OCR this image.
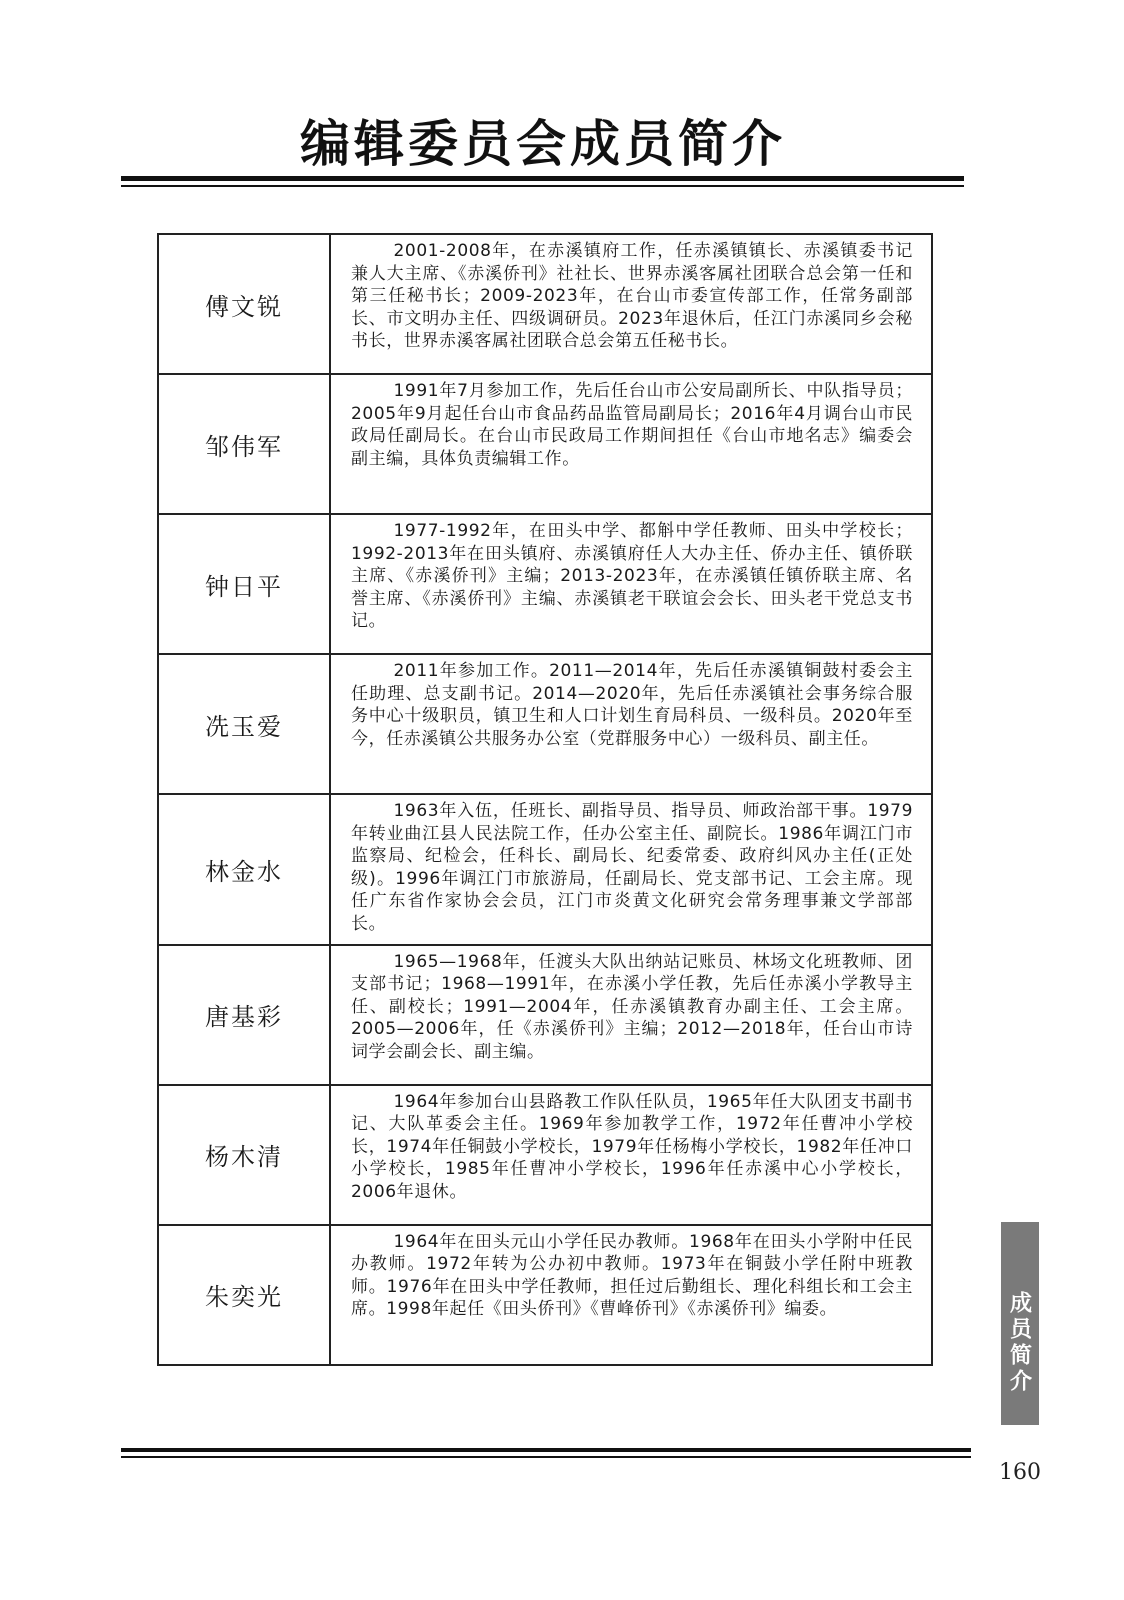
编辑委员会成员简介
傅文锐	2001-2008年，在赤溪镇府工作，任赤溪镇镇长、赤溪镇委书记兼人大主席、《赤溪侨刊》社社长、世界赤溪客属社团联合总会第一任和第三任秘书长；2009-2023年，在台山市委宣传部工作，任常务副部长、市文明办主任、四级调研员。2023年退休后，任江门赤溪同乡会秘书长，世界赤溪客属社团联合总会第五任秘书长。
邹伟军	1991年7月参加工作，先后任台山市公安局副所长、中队指导员；2005年9月起任台山市食品药品监管局副局长；2016年4月调台山市民政局任副局长。在台山市民政局工作期间担任《台山市地名志》编委会副主编，具体负责编辑工作。
钟日平	1977-1992年，在田头中学、都斛中学任教师、田头中学校长；1992-2013年在田头镇府、赤溪镇府任人大办主任、侨办主任、镇侨联主席、《赤溪侨刊》主编；2013-2023年，在赤溪镇任镇侨联主席、名誉主席、《赤溪侨刊》主编、赤溪镇老干联谊会会长、田头老干党总支书记。
冼玉爱	2011年参加工作。2011—2014年，先后任赤溪镇铜鼓村委会主任助理、总支副书记。2014—2020年，先后任赤溪镇社会事务综合服务中心十级职员，镇卫生和人口计划生育局科员、一级科员。2020年至今，任赤溪镇公共服务办公室（党群服务中心）一级科员、副主任。
林金水	1963年入伍，任班长、副指导员、指导员、师政治部干事。1979年转业曲江县人民法院工作，任办公室主任、副院长。1986年调江门市监察局、纪检会，任科长、副局长、纪委常委、政府纠风办主任(正处级)。1996年调江门市旅游局，任副局长、党支部书记、工会主席。现任广东省作家协会会员，江门市炎黄文化研究会常务理事兼文学部部长。
唐基彩	1965—1968年，任渡头大队出纳站记账员、林场文化班教师、团支部书记；1968—1991年，在赤溪小学任教，先后任赤溪小学教导主任、副校长；1991—2004年，任赤溪镇教育办副主任、工会主席。2005—2006年，任《赤溪侨刊》主编；2012—2018年，任台山市诗词学会副会长、副主编。
杨木清	1964年参加台山县路教工作队任队员，1965年任大队团支书副书记、大队革委会主任。1969年参加教学工作，1972年任曹冲小学校长，1974年任铜鼓小学校长，1979年任杨梅小学校长，1982年任冲口小学校长，1985年任曹冲小学校长，1996年任赤溪中心小学校长，2006年退休。
朱奕光	1964年在田头元山小学任民办教师。1968年在田头小学附中任民办教师。1972年转为公办初中教师。1973年在铜鼓小学任附中班教师。1976年在田头中学任教师，担任过后勤组长、理化科组长和工会主席。1998年起任《田头侨刊》《曹峰侨刊》《赤溪侨刊》编委。	成员简介
160
